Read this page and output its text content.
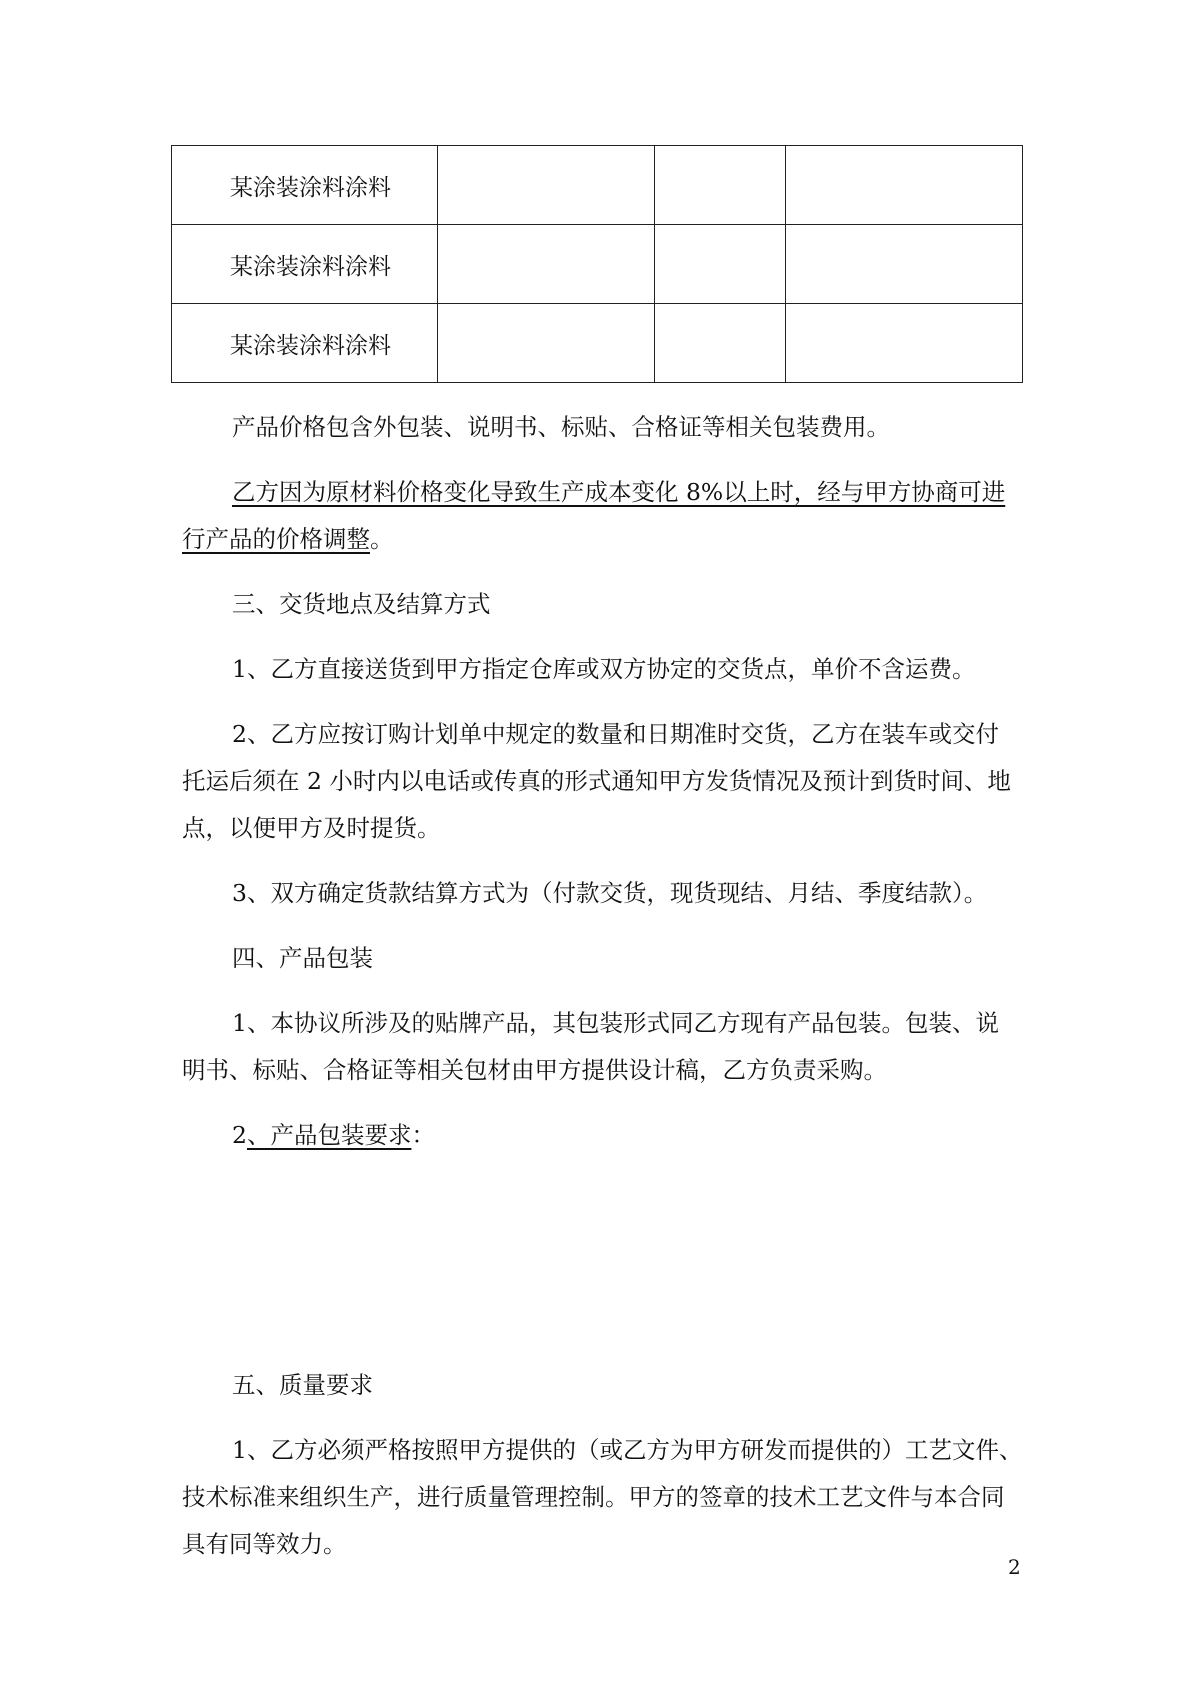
某涂装涂料涂料			
某涂装涂料涂料			
某涂装涂料涂料			
产品价格包含外包装、说明书、标贴、合格证等相关包装费用。
乙方因为原材料价格变化导致生产成本变化 8%以上时，经与甲方协商可进
行产品的价格调整。
三、交货地点及结算方式
1、乙方直接送货到甲方指定仓库或双方协定的交货点，单价不含运费。
2、乙方应按订购计划单中规定的数量和日期准时交货，乙方在装车或交付
托运后须在 2 小时内以电话或传真的形式通知甲方发货情况及预计到货时间、地
点，以便甲方及时提货。
3、双方确定货款结算方式为（付款交货，现货现结、月结、季度结款）。
四、产品包装
1、本协议所涉及的贴牌产品，其包装形式同乙方现有产品包装。包装、说
明书、标贴、合格证等相关包材由甲方提供设计稿，乙方负责采购。
2、产品包装要求：
五、质量要求
1、乙方必须严格按照甲方提供的（或乙方为甲方研发而提供的）工艺文件、
技术标准来组织生产，进行质量管理控制。甲方的签章的技术工艺文件与本合同
具有同等效力。
2
